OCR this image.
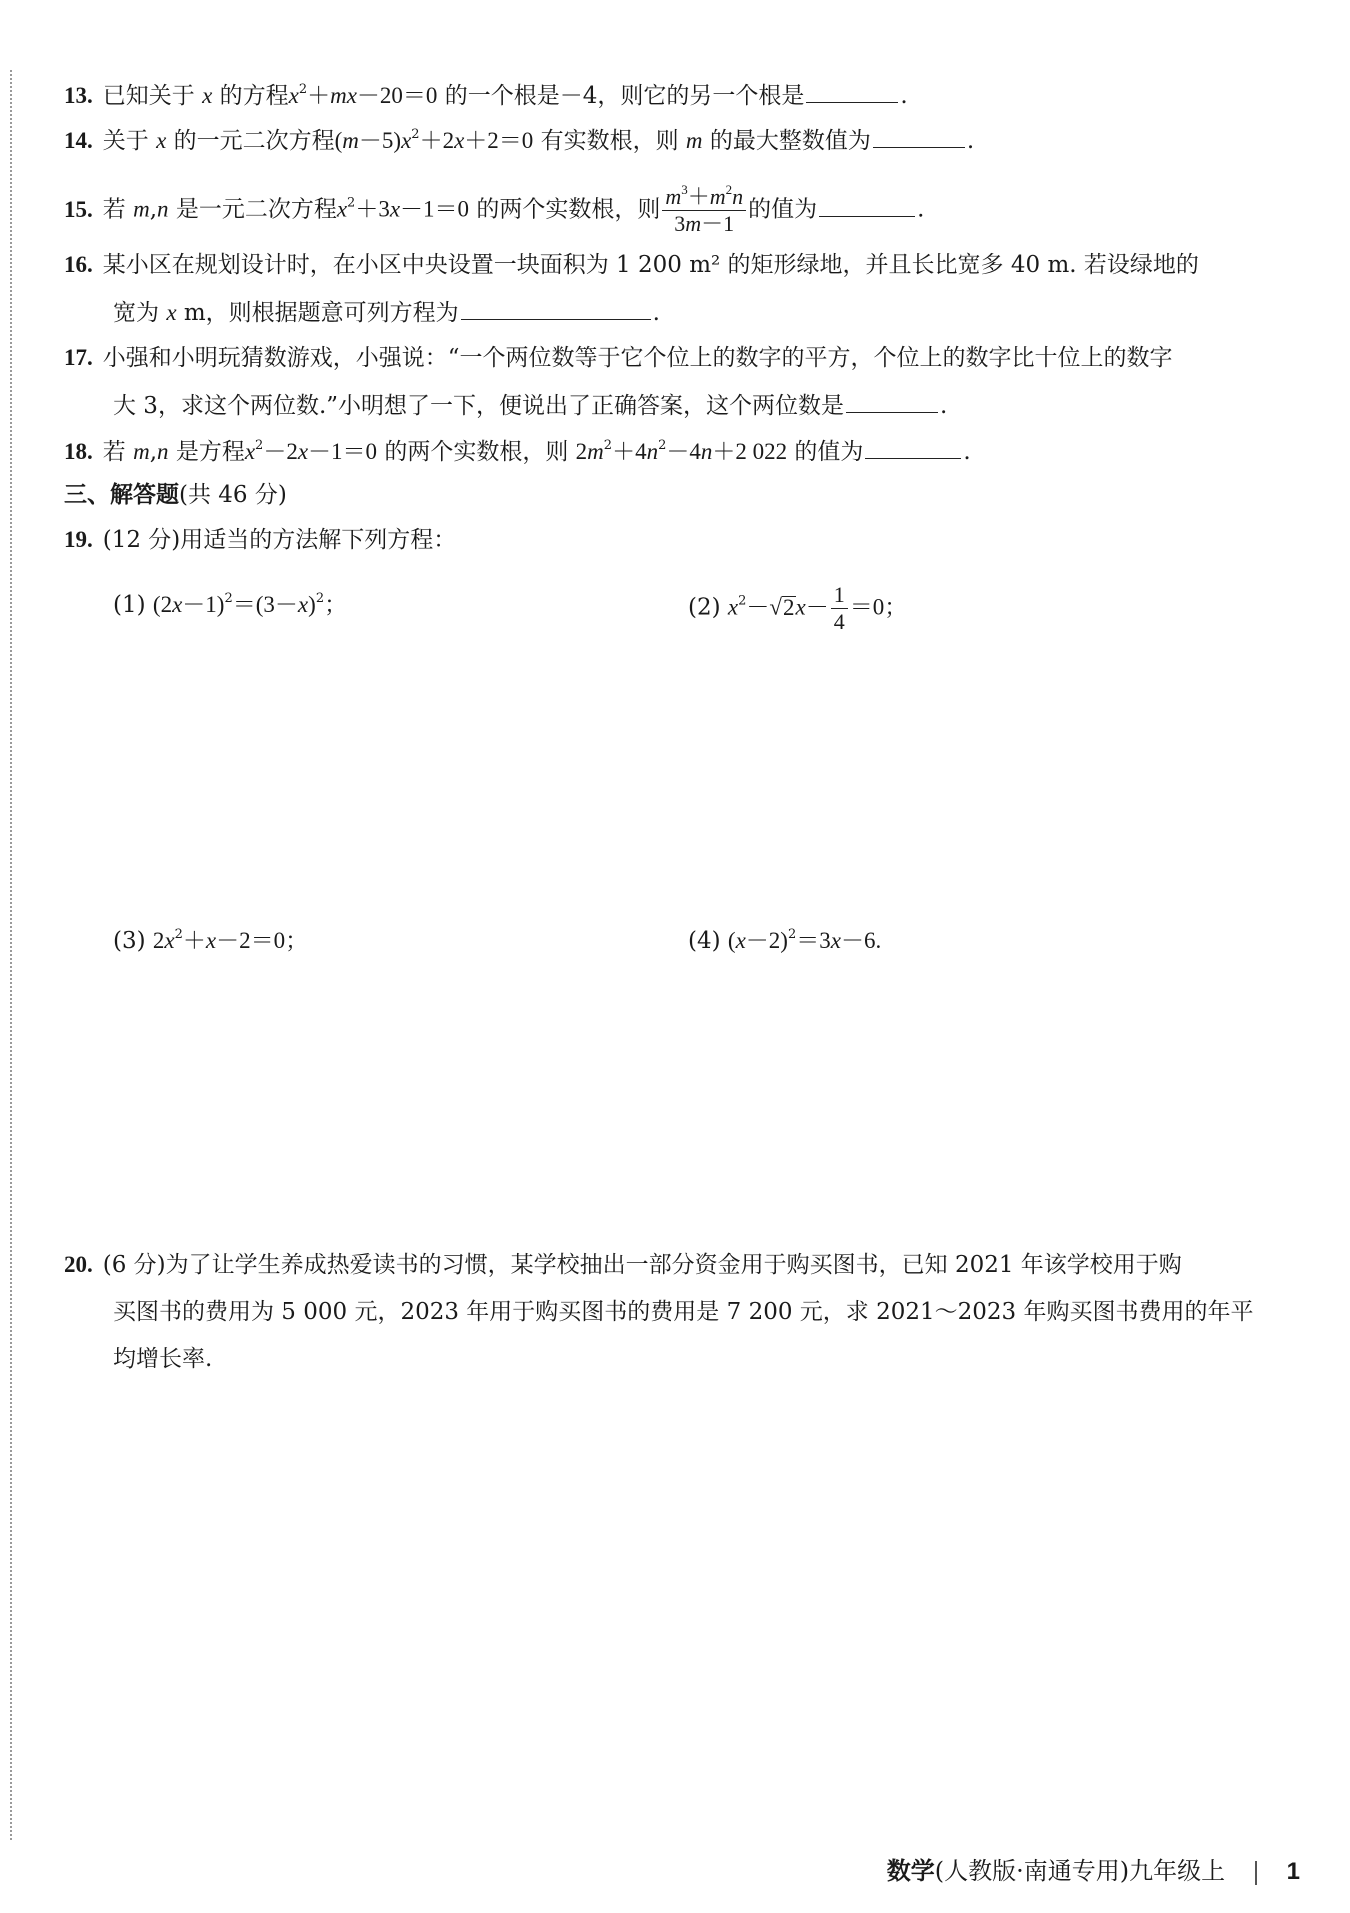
13. 已知关于 x 的方程$x^2+mx-20=0$ 的一个根是－4，则它的另一个根是	.
14. 关于 x 的一元二次方程$(m-5)x^2+2x+2=0$ 有实数根，则 m 的最大整数值为	.
15. 若 m,n 是一元二次方程$x^2+3x-1=0$ 的两个实数根，则 $\frac{m^3+m^2n}{3m-1}$ 的值为	.
16. 某小区在规划设计时，在小区中央设置一块面积为 1 200 m² 的矩形绿地，并且长比宽多 40 m. 若设绿地的
宽为 x m，则根据题意可列方程为	.
17. 小强和小明玩猜数游戏，小强说：“一个两位数等于它个位上的数字的平方，个位上的数字比十位上的数字
大 3，求这个两位数.”小明想了一下，便说出了正确答案，这个两位数是	.
18. 若 m,n 是方程$x^2-2x-1=0$ 的两个实数根，则 $2m^2+4n^2-4n+2$ 022 的值为	.
三、解答题(共 46 分)
19. (12 分)用适当的方法解下列方程：
(1) $(2x-1)^2=(3-x)^2$；	(2) $x^2-√2x- \frac{1}{4} =0$；
(3) $2x^2+x-2=0$；	(4) $(x-2)^2=3x-6$.
20. (6 分)为了让学生养成热爱读书的习惯，某学校抽出一部分资金用于购买图书，已知 2021 年该学校用于购
买图书的费用为 5 000 元，2023 年用于购买图书的费用是 7 200 元，求 2021～2023 年购买图书费用的年平
均增长率.
数学(人教版·南通专用)九年级上	1
